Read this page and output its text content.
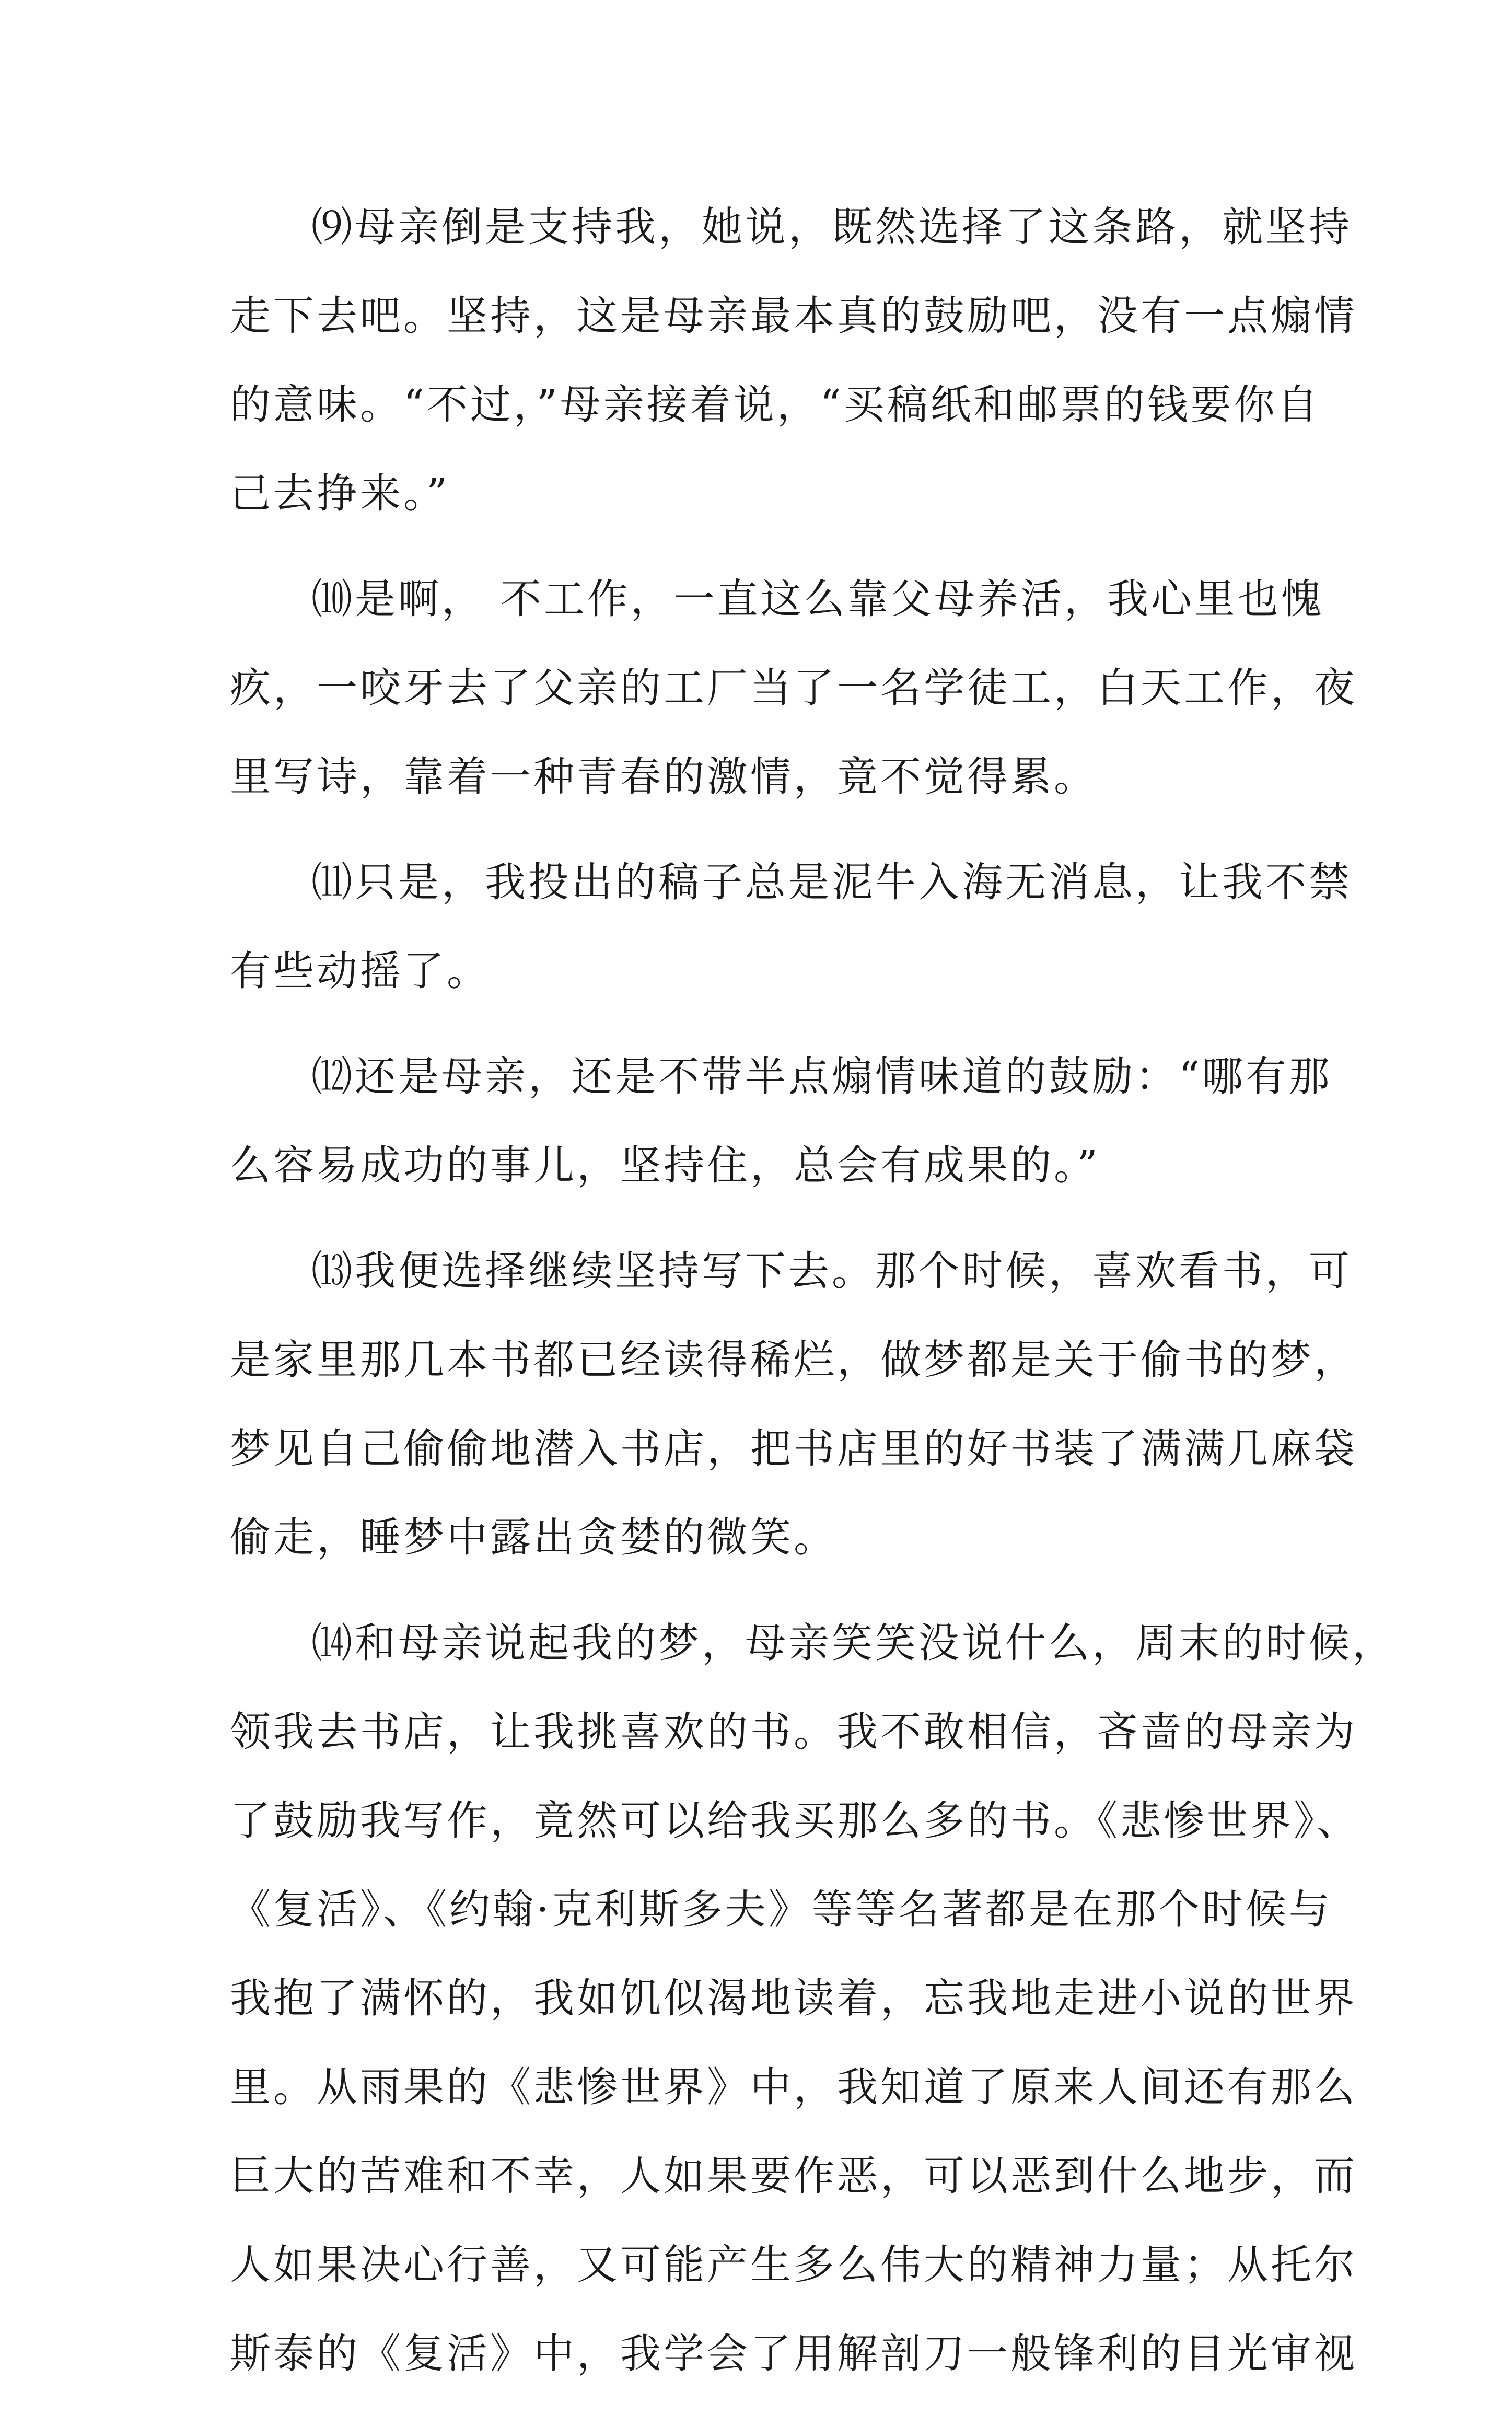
⑼母亲倒是支持我，她说，既然选择了这条路，就坚持
走下去吧。坚持，这是母亲最本真的鼓励吧，没有一点煽情
的意味。“不过，”母亲接着说，“买稿纸和邮票的钱要你自
己去挣来。”

⑽是啊， 不工作，一直这么靠父母养活，我心里也愧
疚，一咬牙去了父亲的工厂当了一名学徒工，白天工作，夜
里写诗，靠着一种青春的激情，竟不觉得累。

⑾只是，我投出的稿子总是泥牛入海无消息，让我不禁
有些动摇了。

⑿还是母亲，还是不带半点煽情味道的鼓励：“哪有那
么容易成功的事儿，坚持住，总会有成果的。”

⒀我便选择继续坚持写下去。那个时候，喜欢看书，可
是家里那几本书都已经读得稀烂，做梦都是关于偷书的梦，
梦见自己偷偷地潜入书店，把书店里的好书装了满满几麻袋
偷走，睡梦中露出贪婪的微笑。

⒁和母亲说起我的梦，母亲笑笑没说什么，周末的时候，
领我去书店，让我挑喜欢的书。我不敢相信，吝啬的母亲为
了鼓励我写作，竟然可以给我买那么多的书。《悲惨世界》、
《复活》、《约翰·克利斯多夫》等等名著都是在那个时候与
我抱了满怀的，我如饥似渴地读着，忘我地走进小说的世界
里。从雨果的《悲惨世界》中，我知道了原来人间还有那么
巨大的苦难和不幸，人如果要作恶，可以恶到什么地步，而
人如果决心行善，又可能产生多么伟大的精神力量；从托尔
斯泰的《复活》中，我学会了用解剖刀一般锋利的目光审视
